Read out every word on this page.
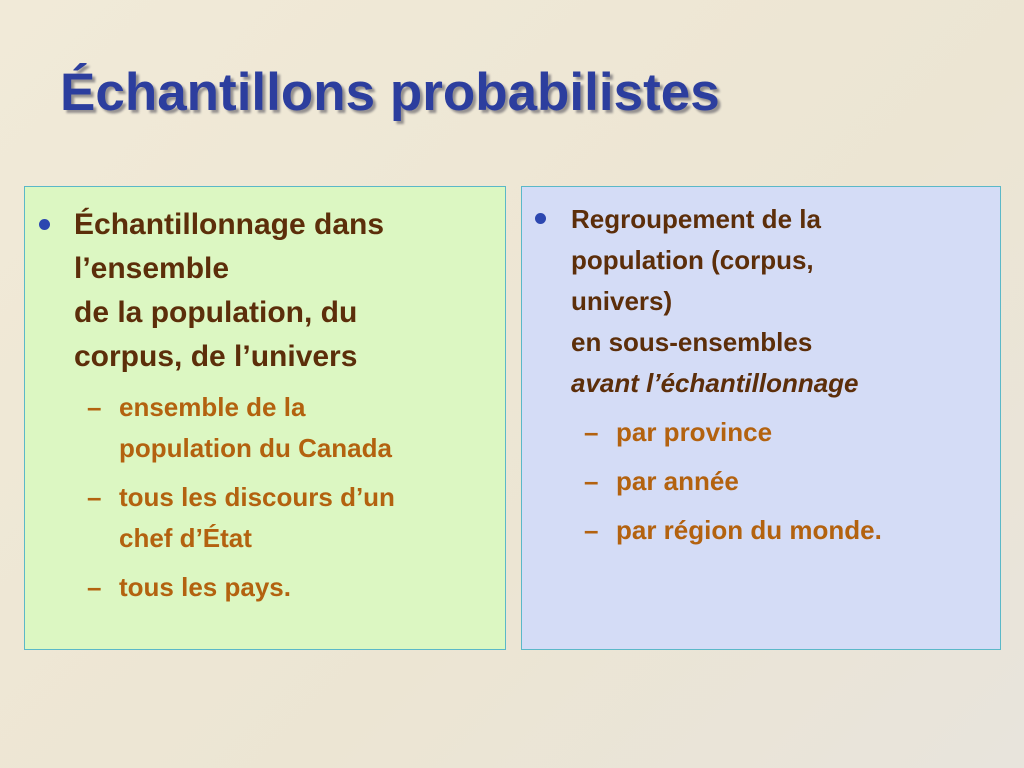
Échantillons probabilistes
Échantillonnage dans
l’ensemble
de la population, du
corpus, de l’univers
– ensemble de la
population du Canada
– tous les discours d’un
chef d’État
– tous les pays.
Regroupement de la
population (corpus,
univers)
en sous-ensembles
avant l’échantillonnage
– par province
– par année
– par région du monde.
